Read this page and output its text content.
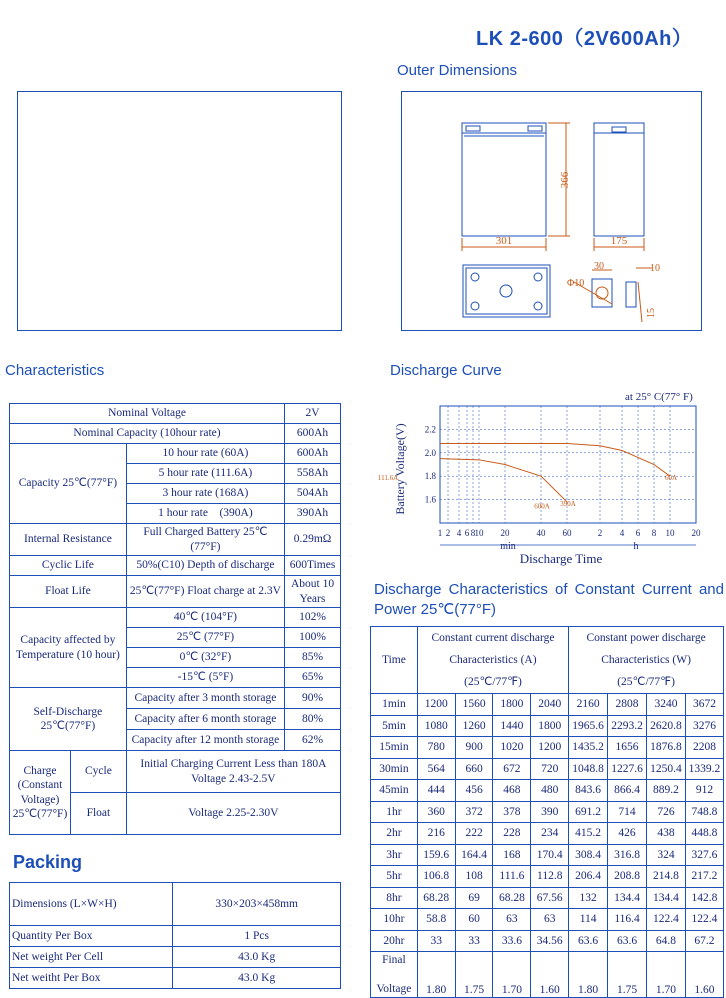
LK 2-600（2V600Ah）
Outer Dimensions
366
301	175
Φ10
30	10
15
Characteristics
Nominal Voltage			2V
Nominal Capacity (10hour rate)			600Ah
Capacity 25℃(77°F)		10 hour rate (60A)	600Ah
		5 hour rate (111.6A)	558Ah
		3 hour rate (168A)	504Ah
		1 hour rate　(390A)	390Ah
Internal Resistance		Full Charged Battery 25℃ (77°F)	0.29mΩ
Cyclic Life		50%(C10) Depth of discharge	600Times
Float Life		25℃(77°F) Float charge at 2.3V	About 10 Years
Capacity affected by Temperature (10 hour)		40℃ (104°F)	102%
		25℃ (77°F)	100%
		0℃ (32°F)	85%
		-15℃ (5°F)	65%
Self-Discharge 25℃(77°F)		Capacity after 3 month storage	90%
		Capacity after 6 month storage	80%
		Capacity after 12 month storage	62%
Charge (Constant Voltage) 25℃(77°F)	Cycle	Initial Charging Current Less than 180A Voltage 2.43-2.5V	
	Float	Voltage 2.25-2.30V	
Packing
Dimensions (L×W×H)	330×203×458mm
Quantity Per Box	1 Pcs
Net weight Per Cell	43.0 Kg
Net weitht Per Box	43.0 Kg
Discharge Curve
at 25° C(77° F)
Battery Voltage(V) 1.6
1.8
2.0
2.2
1 2 4 6 8 10 20	40 60	2 4 6 8 10 20
600A 390A
111.6A	60A
min	h
Discharge Time
Discharge Characteristics of Constant Current and Power 25℃(77°F)
Time	Constant current discharge Characteristics (A) (25℃/77℉)				Constant power discharge Characteristics (W) (25℃/77℉)			
1min	1200	1560	1800	2040	2160	2808	3240	3672
5min	1080	1260	1440	1800	1965.6	2293.2	2620.8	3276
15min	780	900	1020	1200	1435.2	1656	1876.8	2208
30min	564	660	672	720	1048.8	1227.6	1250.4	1339.2
45min	444	456	468	480	843.6	866.4	889.2	912
1hr	360	372	378	390	691.2	714	726	748.8
2hr	216	222	228	234	415.2	426	438	448.8
3hr	159.6	164.4	168	170.4	308.4	316.8	324	327.6
5hr	106.8	108	111.6	112.8	206.4	208.8	214.8	217.2
8hr	68.28	69	68.28	67.56	132	134.4	134.4	142.8
10hr	58.8	60	63	63	114	116.4	122.4	122.4
20hr	33	33	33.6	34.56	63.6	63.6	64.8	67.2
Final

Voltage	1.80	1.75	1.70	1.60	1.80	1.75	1.70	1.60
